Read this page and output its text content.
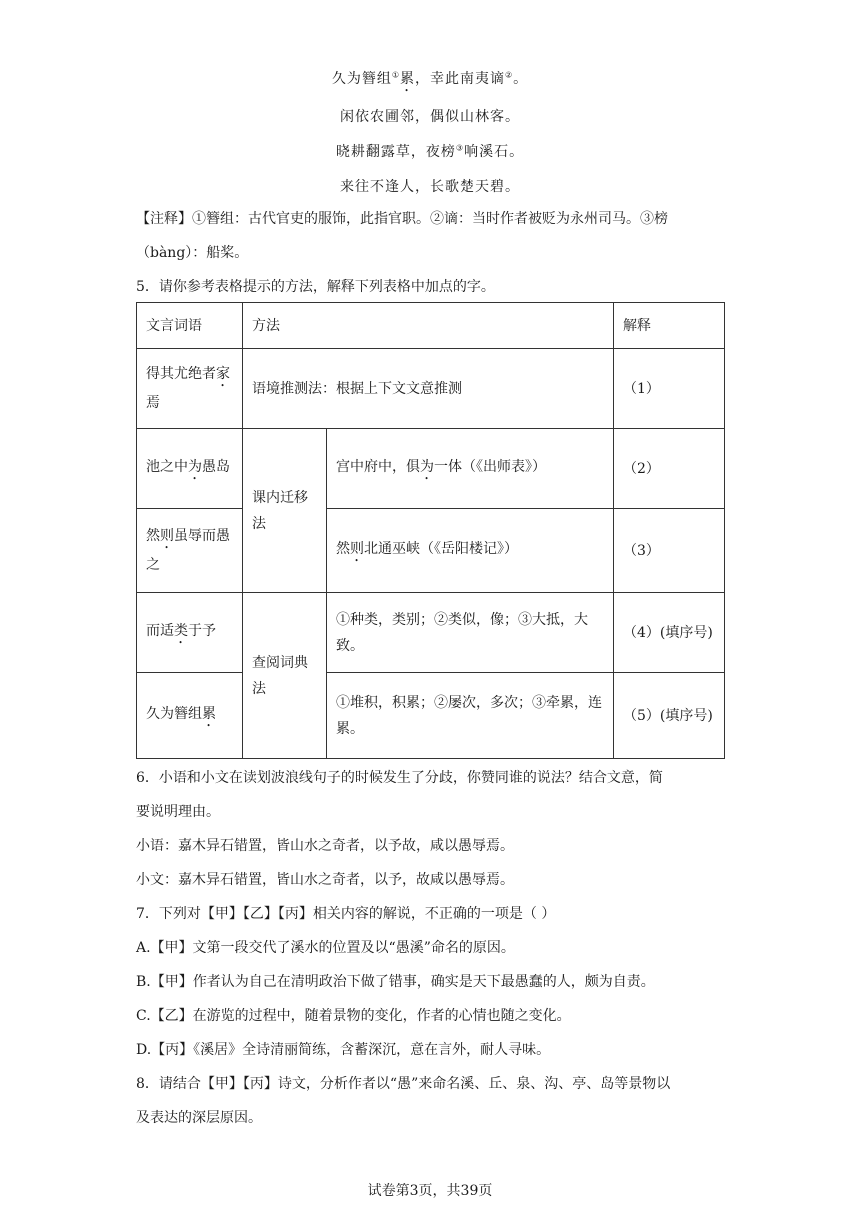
久为簪组①累，幸此南夷谪②。
闲依农圃邻，偶似山林客。
晓耕翻露草，夜榜③响溪石。
来往不逢人，长歌楚天碧。
【注释】①簪组：古代官吏的服饰，此指官职。②谪：当时作者被贬为永州司马。③榜
（bàng）：船桨。
5．请你参考表格提示的方法，解释下列表格中加点的字。
文言词语	方法		解释
得其尤绝者家焉	语境推测法：根据上下文文意推测		（1）
池之中为愚岛	课内迁移法	宫中府中，俱为一体（《出师表》）	（2）
然则虽辱而愚之		然则北通巫峡（《岳阳楼记》）	（3）
而适类于予	查阅词典法	①种类，类别；②类似，像；③大抵，大致。	（4）(填序号)
久为簪组累		①堆积，积累；②屡次，多次；③牵累，连累。	（5）(填序号)
6．小语和小文在读划波浪线句子的时候发生了分歧，你赞同谁的说法？结合文意，简
要说明理由。
小语：嘉木异石错置，皆山水之奇者，以予故，咸以愚辱焉。
小文：嘉木异石错置，皆山水之奇者，以予，故咸以愚辱焉。
7．下列对【甲】【乙】【丙】相关内容的解说，不正确的一项是（ ）
A.【甲】文第一段交代了溪水的位置及以“愚溪”命名的原因。
B.【甲】作者认为自己在清明政治下做了错事，确实是天下最愚蠢的人，颇为自责。
C.【乙】在游览的过程中，随着景物的变化，作者的心情也随之变化。
D.【丙】《溪居》全诗清丽简练，含蓄深沉，意在言外，耐人寻味。
8．请结合【甲】【丙】诗文，分析作者以“愚”来命名溪、丘、泉、沟、亭、岛等景物以
及表达的深层原因。
试卷第3页，共39页
